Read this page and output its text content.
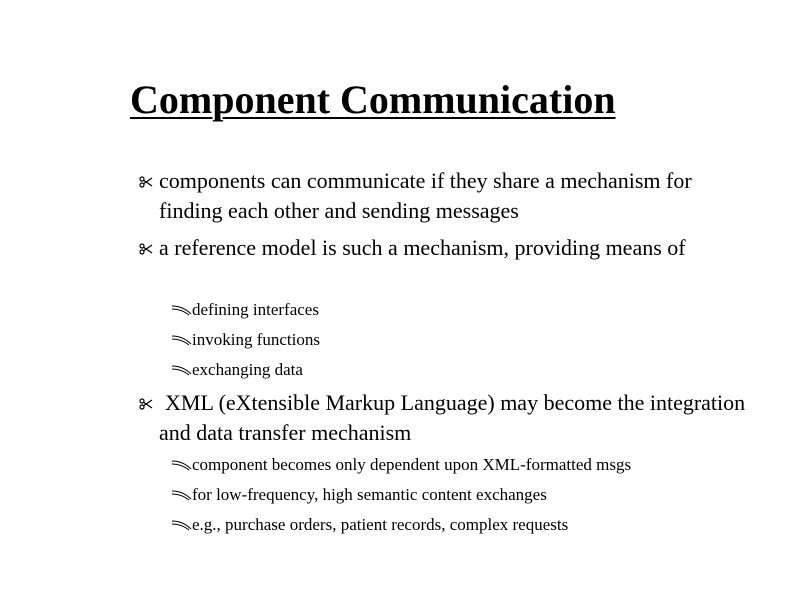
Component Communication
components can communicate if they share a mechanism for finding each other and sending messages
a reference model is such a mechanism, providing means of
defining interfaces
invoking functions
exchanging data
XML (eXtensible Markup Language) may become the integration and data transfer mechanism
component becomes only dependent upon XML-formatted msgs
for low-frequency, high semantic content exchanges
e.g., purchase orders, patient records, complex requests
